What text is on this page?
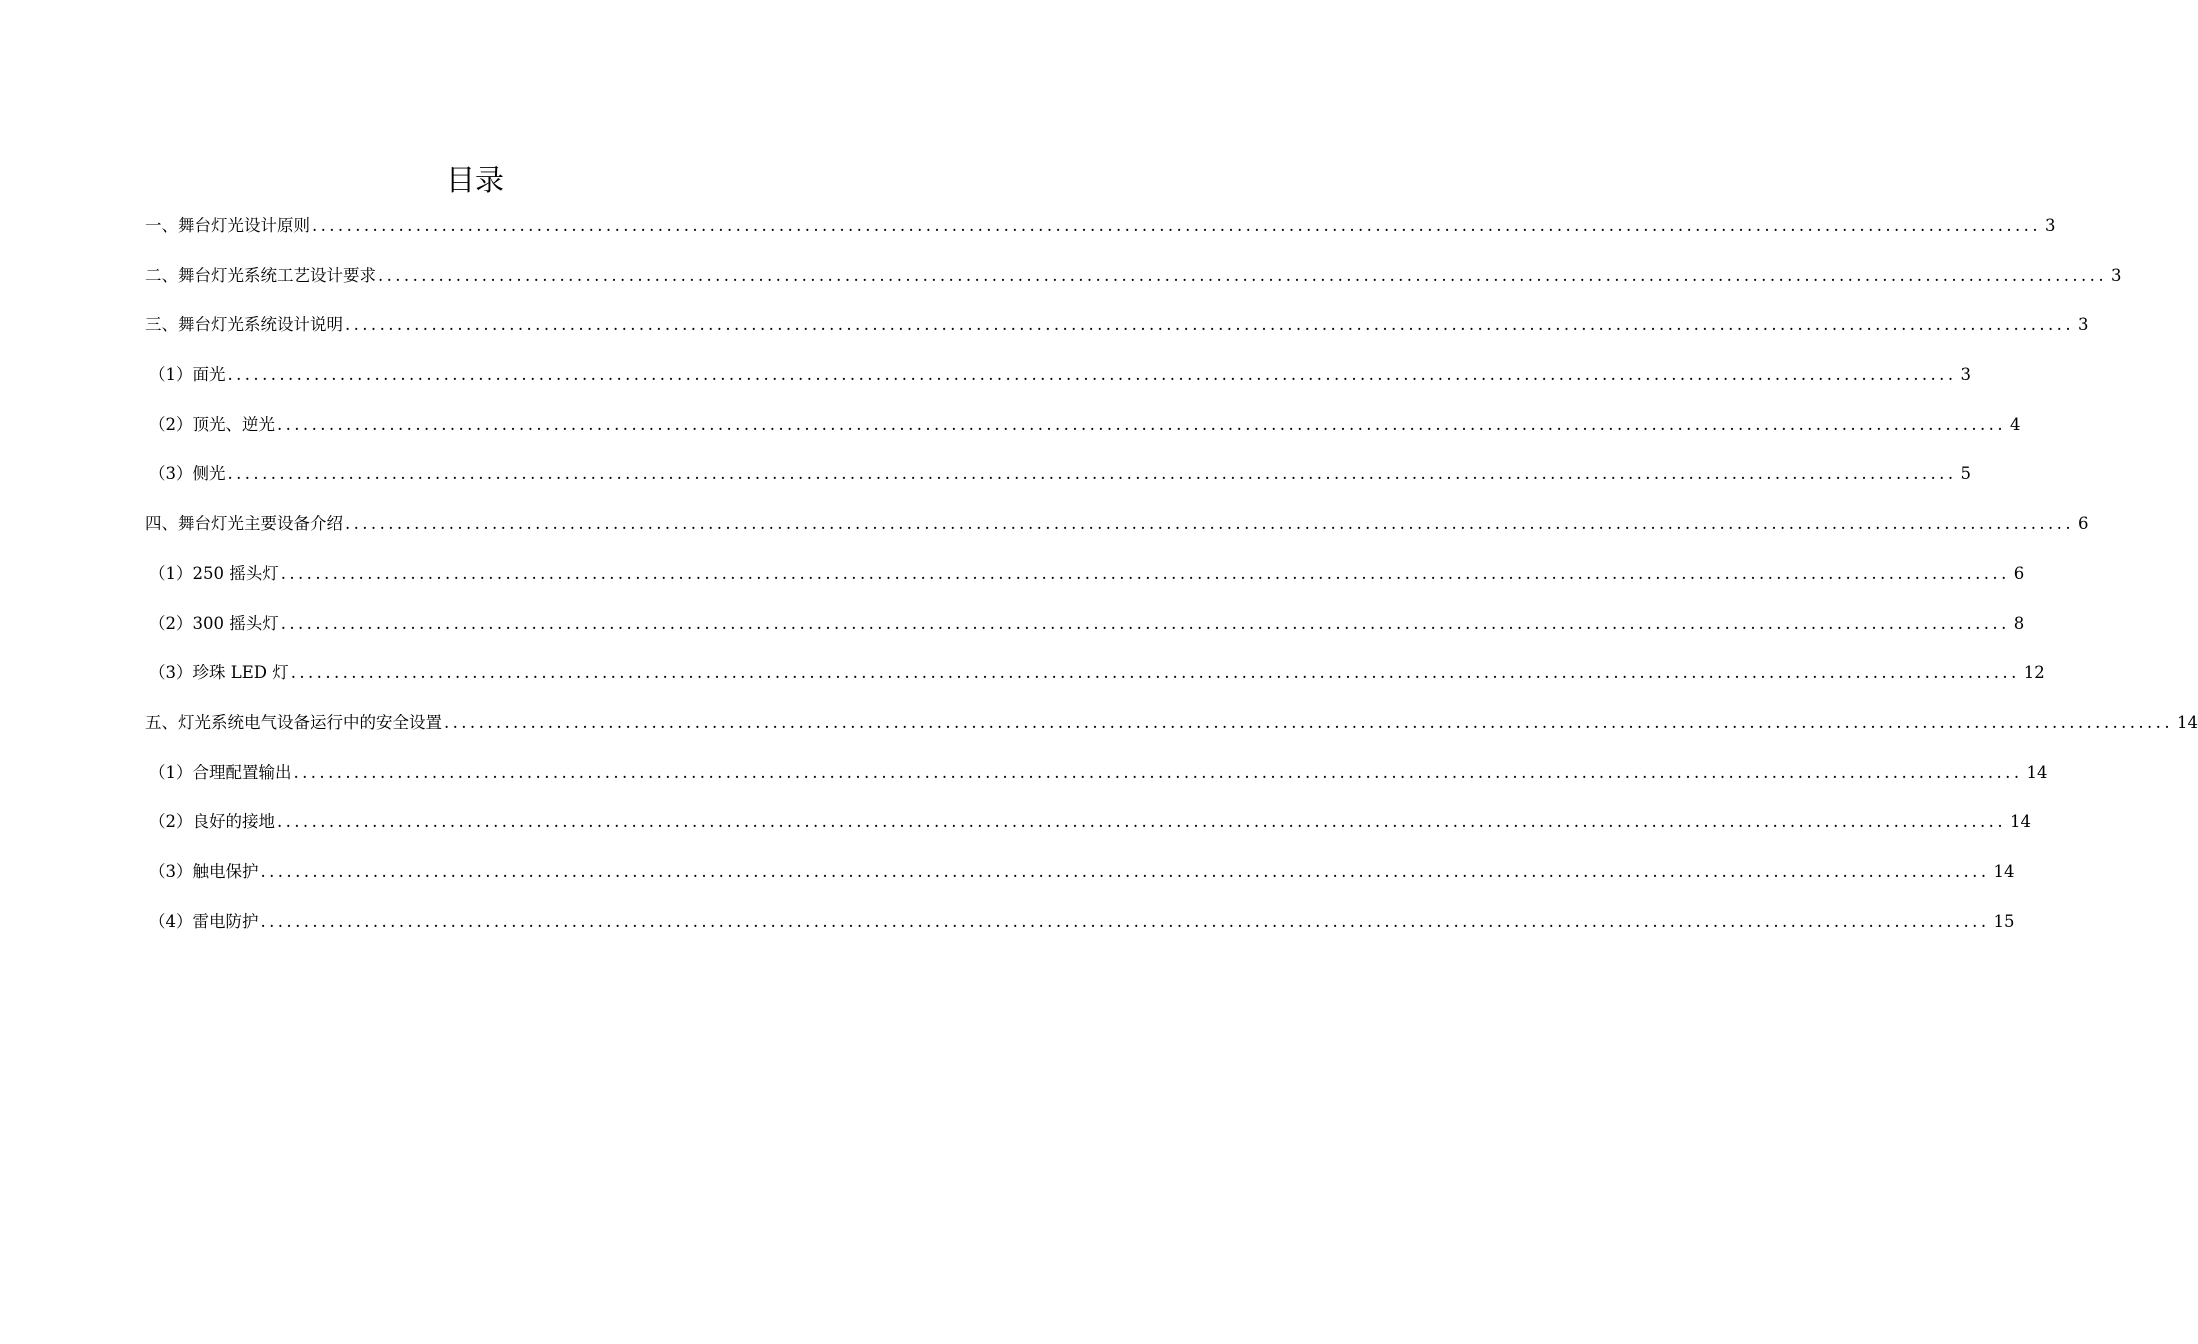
目录
一、 舞台灯光设计原则 ........................................................................................................................................................................................................ 3
二、 舞台灯光系统工艺设计要求 ........................................................................................................................................................................................................ 3
三、 舞台灯光系统设计说明 ........................................................................................................................................................................................................ 3
（1） 面光 ........................................................................................................................................................................................................ 3
（2） 顶光、逆光 ........................................................................................................................................................................................................ 4
（3） 侧光 ........................................................................................................................................................................................................ 5
四、 舞台灯光主要设备介绍 ........................................................................................................................................................................................................ 6
（1） 250 摇头灯 ........................................................................................................................................................................................................ 6
（2） 300 摇头灯 ........................................................................................................................................................................................................ 8
（3） 珍珠 LED 灯 ........................................................................................................................................................................................................ 12
五、 灯光系统电气设备运行中的安全设置 ........................................................................................................................................................................................................ 14
（1） 合理配置输出 ........................................................................................................................................................................................................ 14
（2） 良好的接地 ........................................................................................................................................................................................................ 14
（3） 触电保护 ........................................................................................................................................................................................................ 14
（4） 雷电防护 ........................................................................................................................................................................................................ 15
